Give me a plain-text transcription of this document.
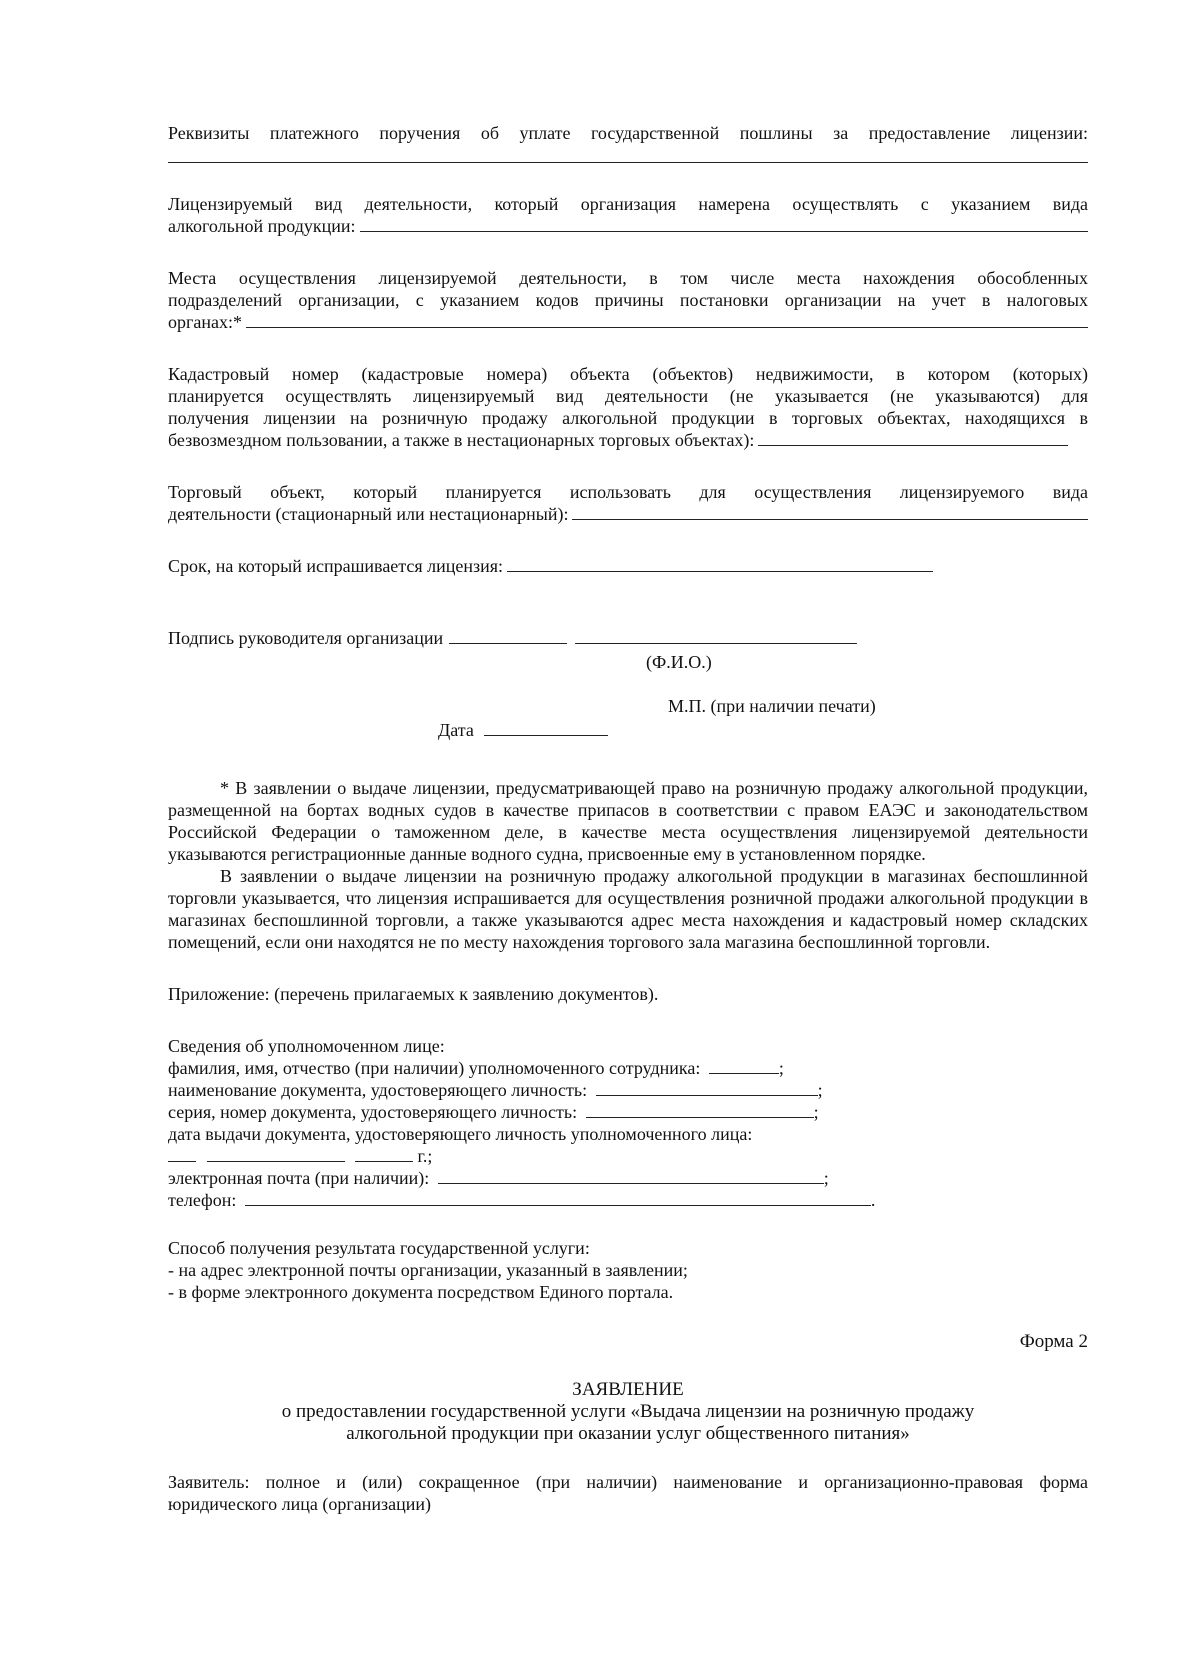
Реквизиты платежного поручения об уплате государственной пошлины за предоставление лицензии:

Лицензируемый вид деятельности, который организация намерена осуществлять с указанием вида

алкогольной продукции:

Места осуществления лицензируемой деятельности, в том числе места нахождения обособленных

подразделений организации, с указанием кодов причины постановки организации на учет в налоговых

органах:*

Кадастровый номер (кадастровые номера) объекта (объектов) недвижимости, в котором (которых)

планируется осуществлять лицензируемый вид деятельности (не указывается (не указываются) для

получения лицензии на розничную продажу алкогольной продукции в торговых объектах, находящихся в

безвозмездном пользовании, а также в нестационарных торговых объектах):

Торговый объект, который планируется использовать для осуществления лицензируемого вида

деятельности (стационарный или нестационарный):
Срок, на который испрашивается лицензия:
Подпись руководителя организации
(Ф.И.О.)
М.П. (при наличии печати)
Дата

* В заявлении о выдаче лицензии, предусматривающей право на розничную продажу алкогольной продукции, размещенной на бортах водных судов в качестве припасов в соответствии с правом ЕАЭС и законодательством Российской Федерации о таможенном деле, в качестве места осуществления лицензируемой деятельности указываются регистрационные данные водного судна, присвоенные ему в установленном порядке.

В заявлении о выдаче лицензии на розничную продажу алкогольной продукции в магазинах беспошлинной торговли указывается, что лицензия испрашивается для осуществления розничной продажи алкогольной продукции в магазинах беспошлинной торговли, а также указываются адрес места нахождения и кадастровый номер складских помещений, если они находятся не по месту нахождения торгового зала магазина беспошлинной торговли.

Приложение: (перечень прилагаемых к заявлению документов).

Сведения об уполномоченном лице:

фамилия, имя, отчество (при наличии) уполномоченного сотрудника:	;

наименование документа, удостоверяющего личность:	;

серия, номер документа, удостоверяющего личность:	;

дата выдачи документа, удостоверяющего личность уполномоченного лица:

г.;

электронная почта (при наличии):	;

телефон:	.

Способ получения результата государственной услуги:

- на адрес электронной почты организации, указанный в заявлении;

- в форме электронного документа посредством Единого портала.

Форма 2

ЗАЯВЛЕНИЕ

о предоставлении государственной услуги «Выдача лицензии на розничную продажу

алкогольной продукции при оказании услуг общественного питания»

Заявитель: полное и (или) сокращенное (при наличии) наименование и организационно-правовая форма

юридического лица (организации)
